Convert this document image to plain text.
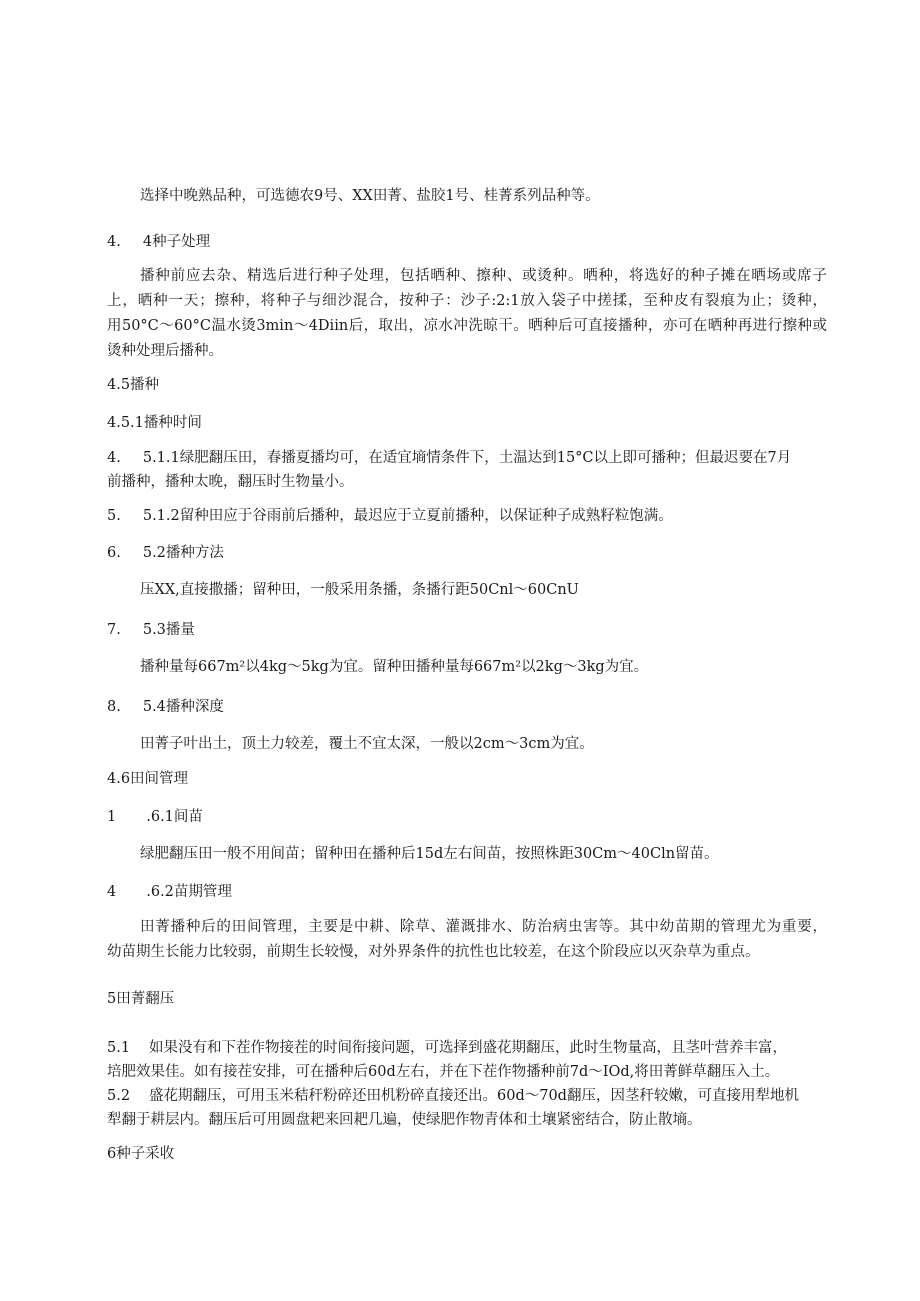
选择中晚熟品种，可选德农9号、XX田菁、盐胶1号、桂菁系列品种等。
4. 4种子处理
播种前应去杂、精选后进行种子处理，包括晒种、擦种、或烫种。晒种，将选好的种子摊在晒场或席子
上，晒种一天；擦种，将种子与细沙混合，按种子：沙子:2:1放入袋子中搓揉，至种皮有裂痕为止；烫种，
用50°C～60°C温水烫3min～4Diin后，取出，凉水冲洗晾干。晒种后可直接播种，亦可在晒种再进行擦种或
烫种处理后播种。
4.5播种
4.5.1播种时间
4. 5.1.1绿肥翻压田，春播夏播均可，在适宜墒情条件下，土温达到15°C以上即可播种；但最迟要在7月
前播种，播种太晚，翻压时生物量小。
5. 5.1.2留种田应于谷雨前后播种，最迟应于立夏前播种，以保证种子成熟籽粒饱满。
6. 5.2播种方法
压XX,直接撒播；留种田，一般采用条播，条播行距50Cnl～60CnU
7. 5.3播量
播种量每667m²以4kg～5kg为宜。留种田播种量每667m²以2kg～3kg为宜。
8. 5.4播种深度
田菁子叶出土，顶土力较差，覆土不宜太深，一般以2cm～3cm为宜。
4.6田间管理
1 .6.1间苗
绿肥翻压田一般不用间苗；留种田在播种后15d左右间苗，按照株距30Cm～40Cln留苗。
4 .6.2苗期管理
田菁播种后的田间管理，主要是中耕、除草、灌溉排水、防治病虫害等。其中幼苗期的管理尤为重要，
幼苗期生长能力比较弱，前期生长较慢，对外界条件的抗性也比较差，在这个阶段应以灭杂草为重点。
5田菁翻压
5.1 如果没有和下茬作物接茬的时间衔接问题，可选择到盛花期翻压，此时生物量高，且茎叶营养丰富，
培肥效果佳。如有接茬安排，可在播种后60d左右，并在下茬作物播种前7d～IOd,将田菁鲜草翻压入土。
5.2 盛花期翻压，可用玉米秸秆粉碎还田机粉碎直接还出。60d～70d翻压，因茎秆较嫩，可直接用犁地机
犁翻于耕层内。翻压后可用圆盘耙来回耙几遍，使绿肥作物青体和土壤紧密结合，防止散墒。
6种子采收
